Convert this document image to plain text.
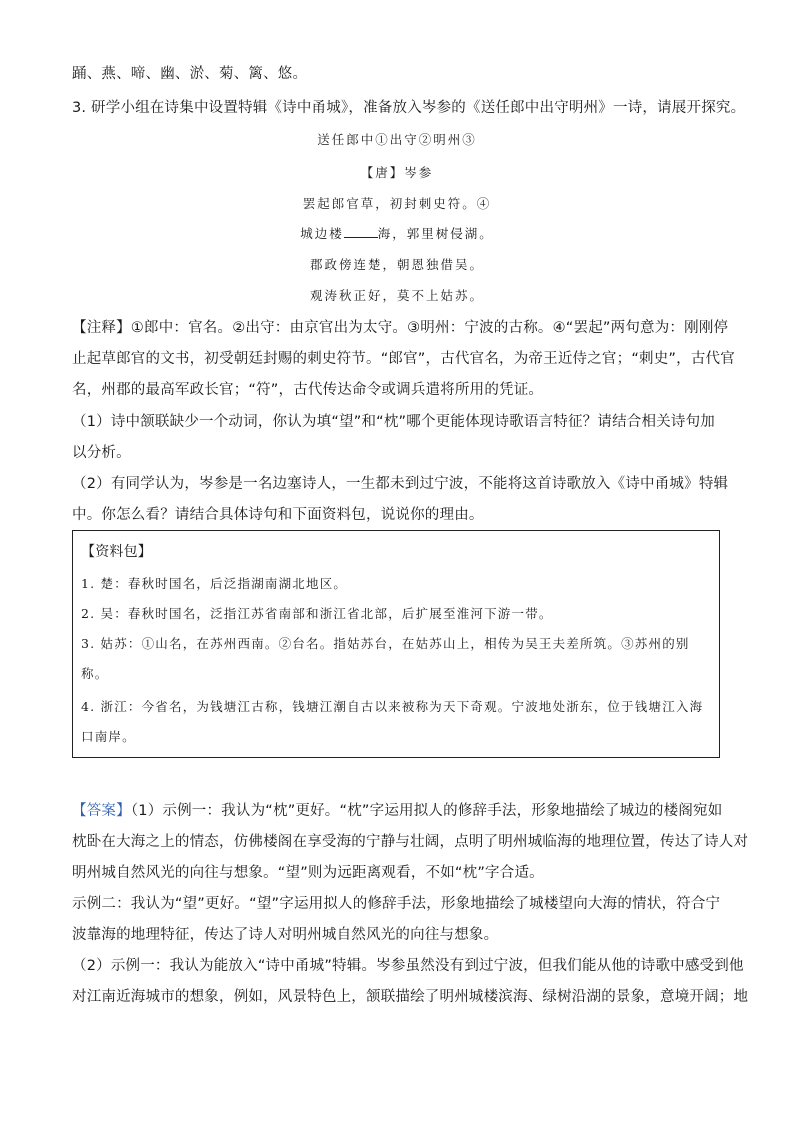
踊、燕、啼、幽、淤、菊、篱、悠。
3. 研学小组在诗集中设置特辑《诗中甬城》，准备放入岑参的《送任郎中出守明州》一诗，请展开探究。
送任郎中①出守②明州③
【唐】岑参
罢起郎官草，初封刺史符。④
城边楼	海，郭里树侵湖。
郡政傍连楚，朝恩独借吴。
观涛秋正好，莫不上姑苏。
【注释】①郎中：官名。②出守：由京官出为太守。③明州：宁波的古称。④“罢起”两句意为：刚刚停
止起草郎官的文书，初受朝廷封赐的刺史符节。“郎官”，古代官名，为帝王近侍之官；“刺史”，古代官
名，州郡的最高军政长官；“符”，古代传达命令或调兵遣将所用的凭证。
（1）诗中颔联缺少一个动词，你认为填“望”和“枕”哪个更能体现诗歌语言特征？请结合相关诗句加
以分析。
（2）有同学认为，岑参是一名边塞诗人，一生都未到过宁波，不能将这首诗歌放入《诗中甬城》特辑
中。你怎么看？请结合具体诗句和下面资料包，说说你的理由。
【资料包】
1. 楚：春秋时国名，后泛指湖南湖北地区。
2. 吴：春秋时国名，泛指江苏省南部和浙江省北部，后扩展至淮河下游一带。
3. 姑苏：①山名，在苏州西南。②台名。指姑苏台，在姑苏山上，相传为吴王夫差所筑。③苏州的别
称。
4. 浙江：今省名，为钱塘江古称，钱塘江潮自古以来被称为天下奇观。宁波地处浙东，位于钱塘江入海
口南岸。
【答案】（1）示例一：我认为“枕”更好。“枕”字运用拟人的修辞手法，形象地描绘了城边的楼阁宛如
枕卧在大海之上的情态，仿佛楼阁在享受海的宁静与壮阔，点明了明州城临海的地理位置，传达了诗人对
明州城自然风光的向往与想象。“望”则为远距离观看，不如“枕”字合适。
示例二：我认为“望”更好。“望”字运用拟人的修辞手法，形象地描绘了城楼望向大海的情状，符合宁
波靠海的地理特征，传达了诗人对明州城自然风光的向往与想象。
（2）示例一：我认为能放入“诗中甬城”特辑。岑参虽然没有到过宁波，但我们能从他的诗歌中感受到他
对江南近海城市的想象，例如，风景特色上，颔联描绘了明州城楼滨海、绿树沿湖的景象，意境开阔；地
